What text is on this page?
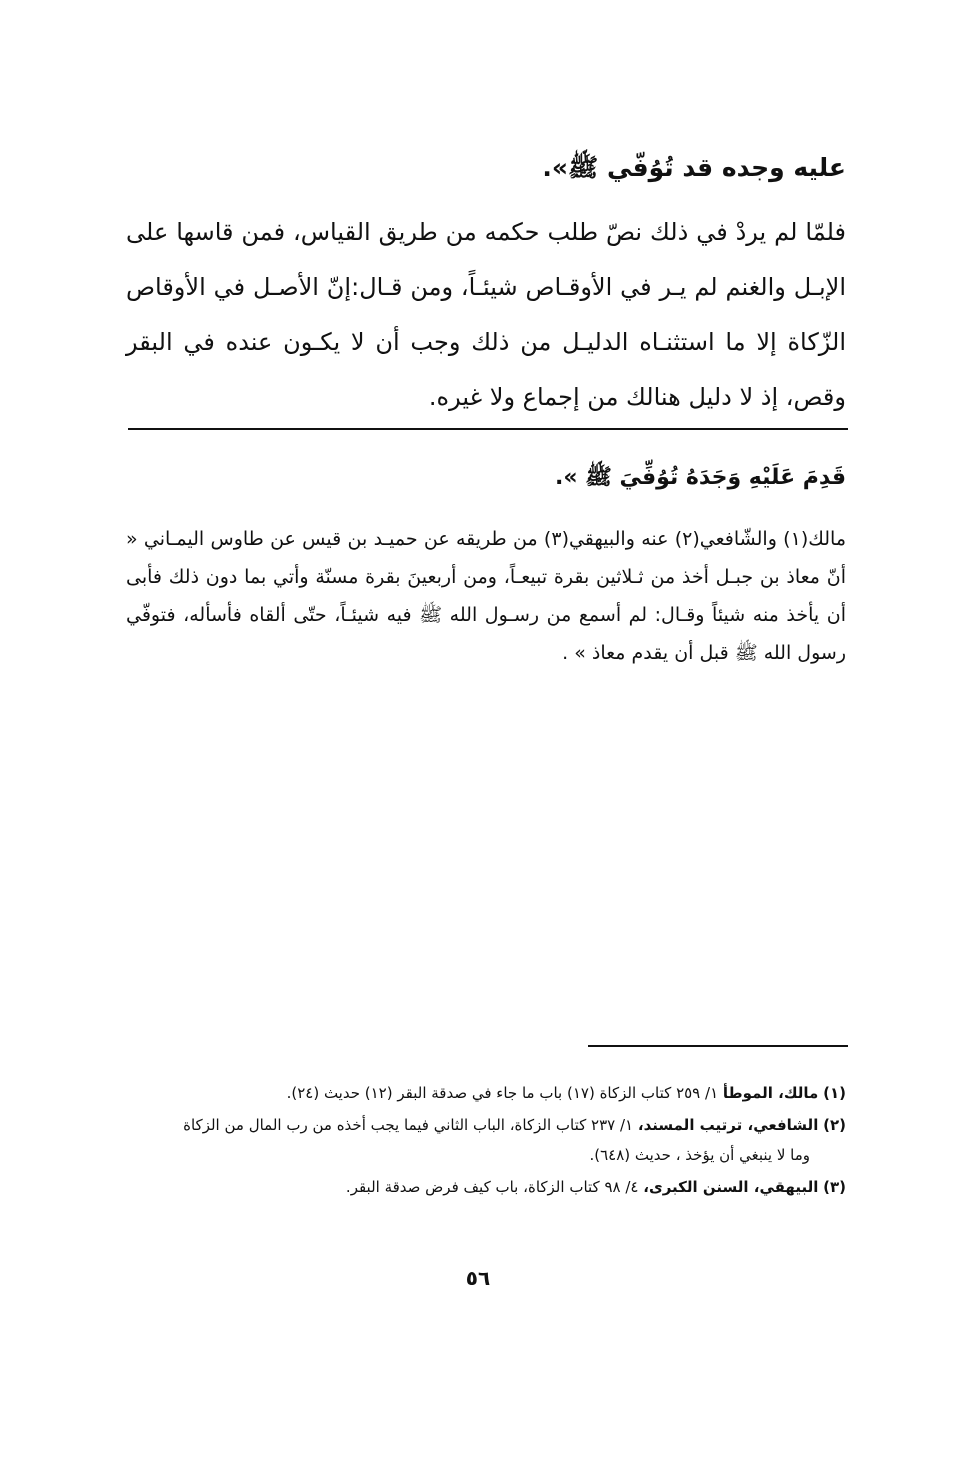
عليه وجده قد تُوُفّي ﷺ».
فلمّا لم يردْ في ذلك نصّ طلب حكمه من طريق القياس، فمن قاسها على الإبـل والغنم لم يـر في الأوقـاص شيئـاً، ومن قـال:إنّ الأصـل في الأوقاص الزّكاة إلا ما استثنـاه الدليـل من ذلك وجب أن لا يكـون عنده في البقر وقص، إذ لا دليل هنالك من إجماع ولا غيره.
قَدِمَ عَلَيْهِ وَجَدَهُ تُوُفِّيَ ﷺ ».
مالك(١) والشّافعي(٢) عنه والبيهقي(٣) من طريقه عن حميـد بن قيس عن طاوس اليمـاني « أنّ معاذ بن جبـل أخذ من ثـلاثين بقرة تبيعـاً، ومن أربعينَ بقرة مسنّة وأتي بما دون ذلك فأبى أن يأخذ منه شيئاً وقـال: لم أسمع من رسـول الله ﷺ فيه شيئـاً، حتّى ألقاه فأسأله، فتوفّي رسول الله ﷺ قبل أن يقدم معاذ » .
(١) مالك، الموطأ ١/ ٢٥٩ كتاب الزكاة (١٧) باب ما جاء في صدقة البقر (١٢) حديث (٢٤).
(٢) الشافعي، ترتيب المسند، ١/ ٢٣٧ كتاب الزكاة، الباب الثاني فيما يجب أخذه من رب المال من الزكاة
وما لا ينبغي أن يؤخذ ، حديث (٦٤٨).
(٣) البيهقي، السنن الكبرى، ٤/ ٩٨ كتاب الزكاة، باب كيف فرض صدقة البقر.
٥٦
